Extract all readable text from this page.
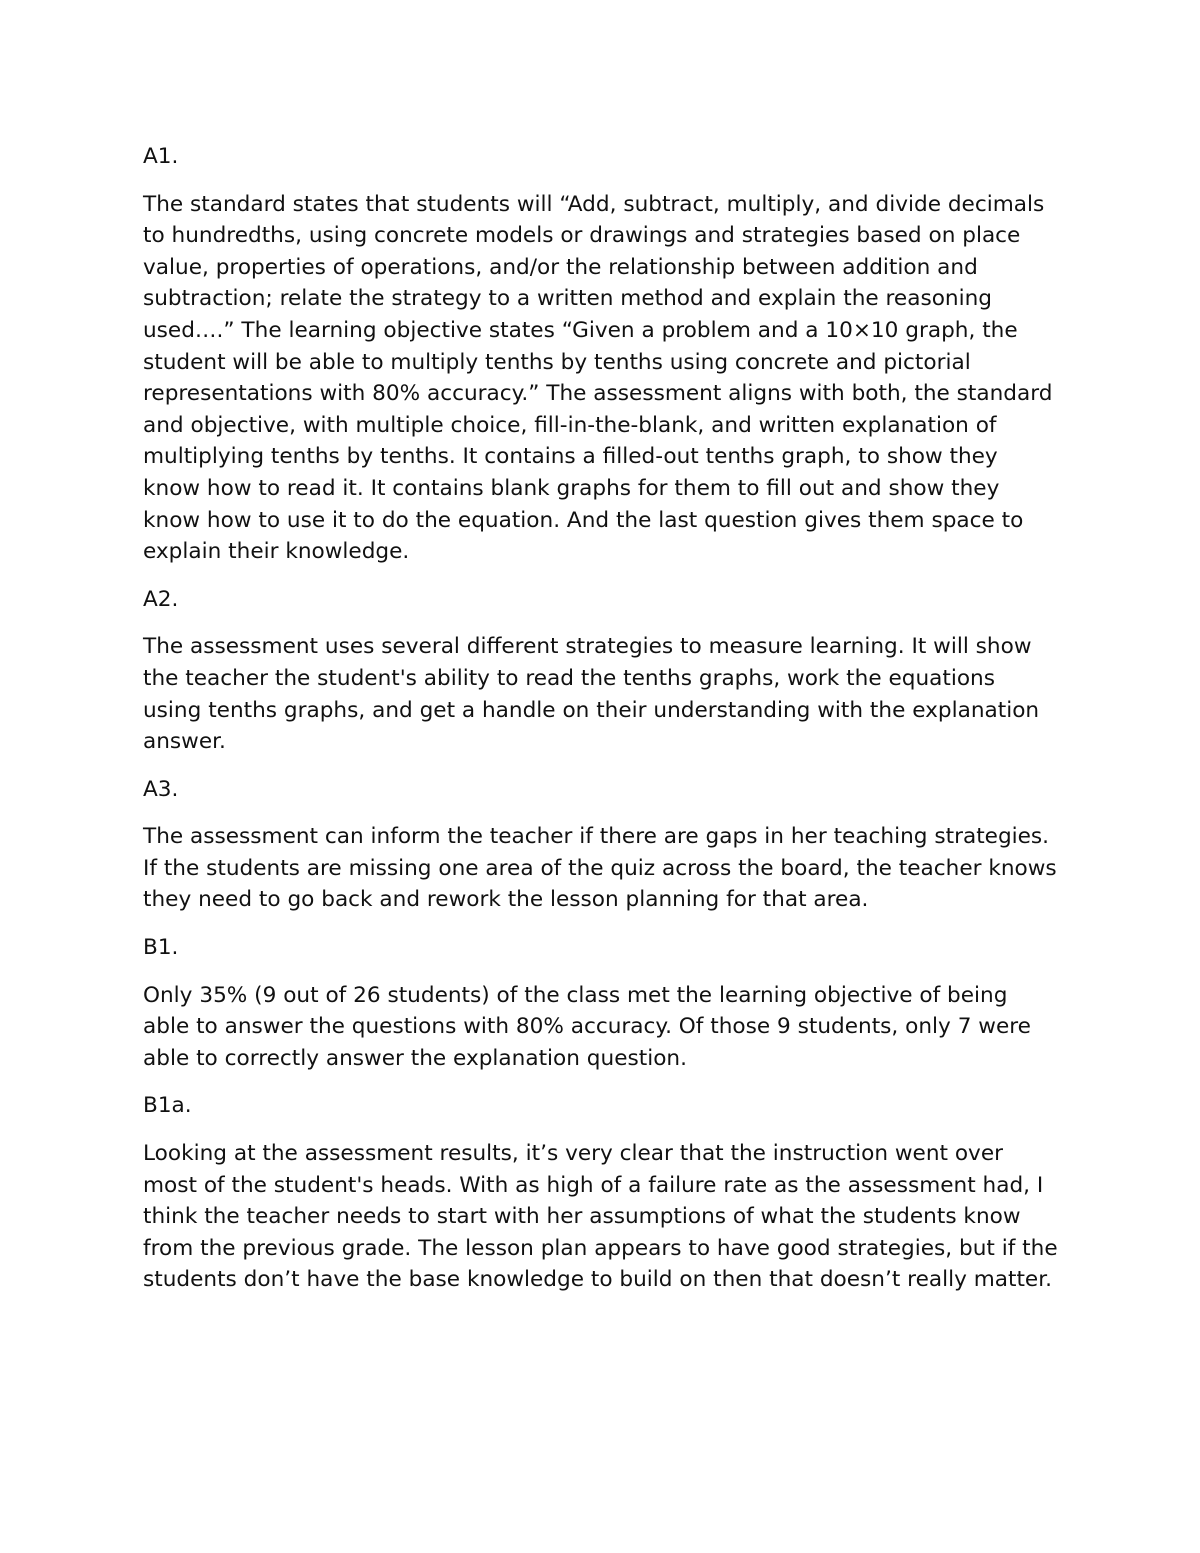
A1.
The standard states that students will “Add, subtract, multiply, and divide decimals to hundredths, using concrete models or drawings and strategies based on place value, properties of operations, and/or the relationship between addition and subtraction; relate the strategy to a written method and explain the reasoning used….” The learning objective states “Given a problem and a 10×10 graph, the student will be able to multiply tenths by tenths using concrete and pictorial representations with 80% accuracy.” The assessment aligns with both, the standard and objective, with multiple choice, fill-in-the-blank, and written explanation of multiplying tenths by tenths. It contains a filled-out tenths graph, to show they know how to read it. It contains blank graphs for them to fill out and show they know how to use it to do the equation. And the last question gives them space to explain their knowledge.
A2.
The assessment uses several different strategies to measure learning. It will show the teacher the student's ability to read the tenths graphs, work the equations using tenths graphs, and get a handle on their understanding with the explanation answer.
A3.
The assessment can inform the teacher if there are gaps in her teaching strategies. If the students are missing one area of the quiz across the board, the teacher knows they need to go back and rework the lesson planning for that area.
B1.
Only 35% (9 out of 26 students) of the class met the learning objective of being able to answer the questions with 80% accuracy. Of those 9 students, only 7 were able to correctly answer the explanation question.
B1a.
Looking at the assessment results, it’s very clear that the instruction went over most of the student's heads. With as high of a failure rate as the assessment had, I think the teacher needs to start with her assumptions of what the students know from the previous grade. The lesson plan appears to have good strategies, but if the students don’t have the base knowledge to build on then that doesn’t really matter.
